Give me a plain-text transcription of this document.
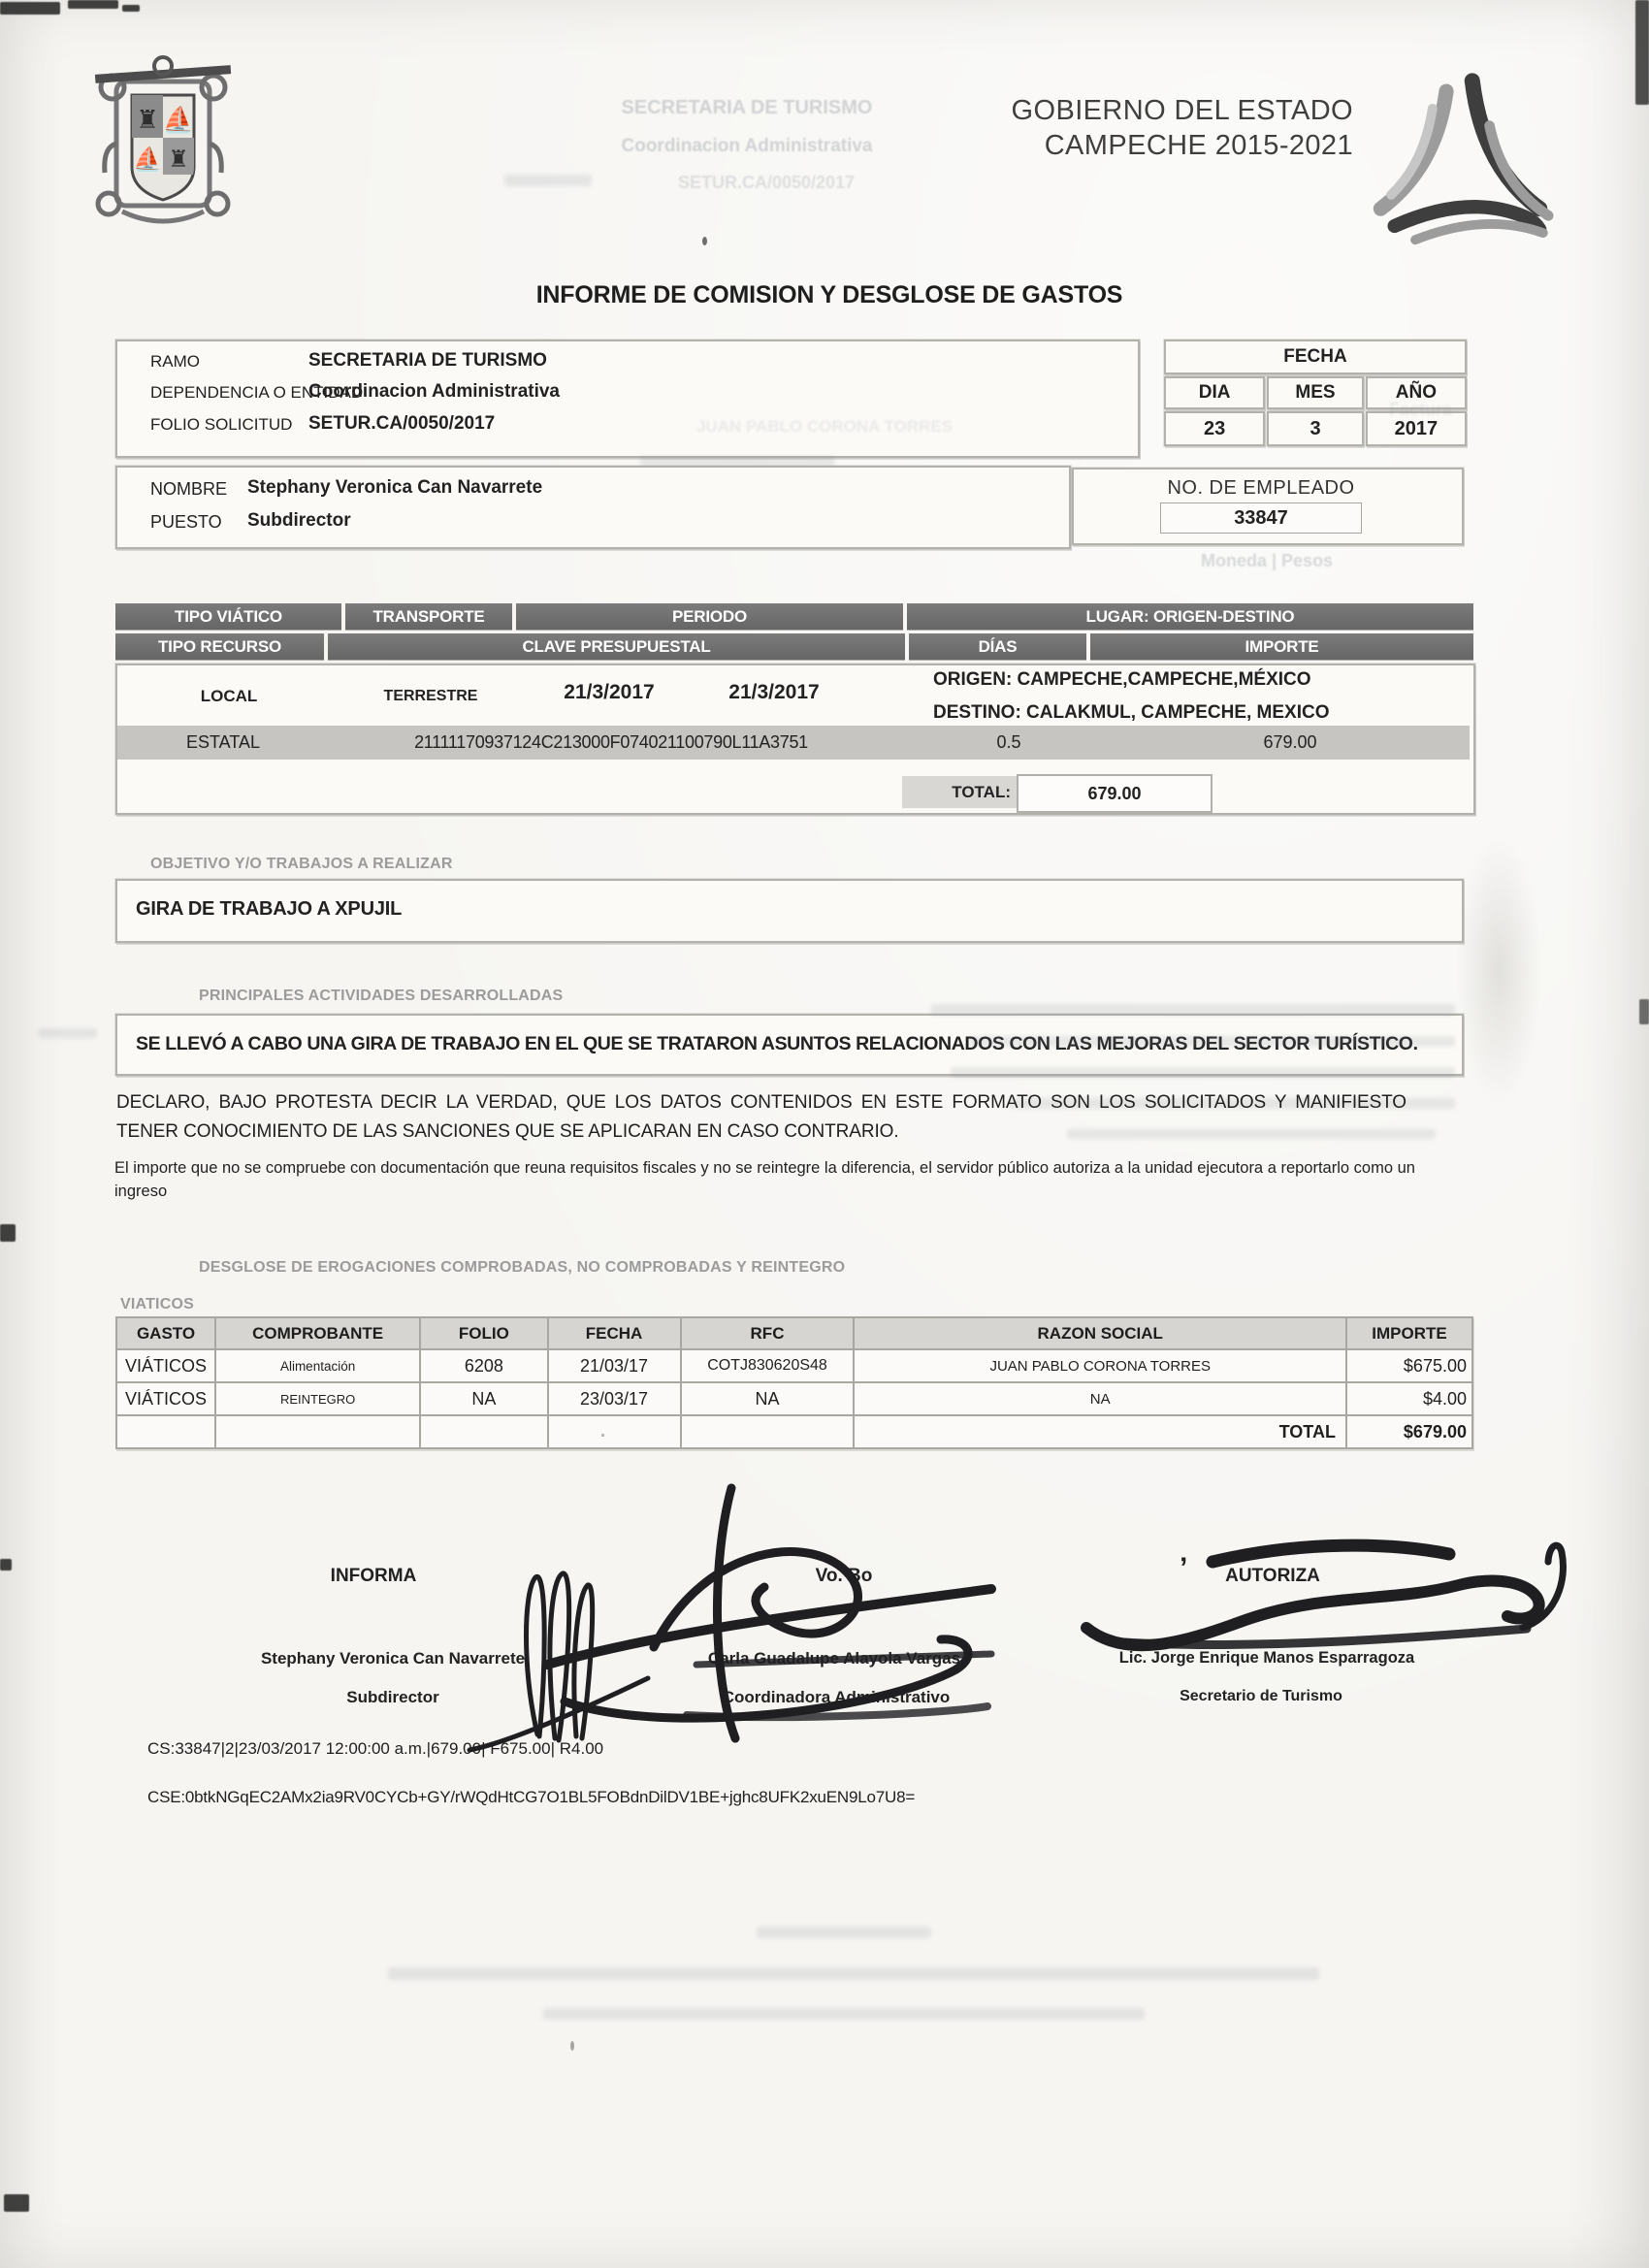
♜ ⛵
⛵ ♜
SECRETARIA DE TURISMO
Coordinacion Administrativa
SETUR.CA/0050/2017
GOBIERNO DEL ESTADO
CAMPECHE 2015-2021
INFORME DE COMISION Y DESGLOSE DE GASTOS
RAMO	SECRETARIA DE TURISMO
DEPENDENCIA O ENTIDAD
Coordinacion Administrativa
FOLIO SOLICITUD SETUR.CA/0050/2017
FECHA
DIA	MES	AÑO
23	3	2017
Factura
JUAN PABLO CORONA TORRES
NOMBRE Stephany Veronica Can Navarrete
PUESTO Subdirector
NO. DE EMPLEADO
33847
Moneda | Pesos
TIPO VIÁTICO	TRANSPORTE	PERIODO	LUGAR: ORIGEN-DESTINO
TIPO RECURSO	CLAVE PRESUPUESTAL	DÍAS	IMPORTE
LOCAL	TERRESTRE	21/3/2017	21/3/2017
ORIGEN: CAMPECHE,CAMPECHE,MÉXICO
DESTINO: CALAKMUL, CAMPECHE, MEXICO
ESTATAL	21111170937124C213000F074021100790L11A3751	0.5	679.00
TOTAL:	679.00
OBJETIVO Y/O TRABAJOS A REALIZAR
GIRA DE TRABAJO A XPUJIL
PRINCIPALES ACTIVIDADES DESARROLLADAS
SE LLEVÓ A CABO UNA GIRA DE TRABAJO EN EL QUE SE TRATARON ASUNTOS RELACIONADOS CON LAS MEJORAS DEL SECTOR TURÍSTICO.
DECLARO, BAJO PROTESTA DECIR LA VERDAD, QUE LOS DATOS CONTENIDOS EN ESTE FORMATO SON LOS SOLICITADOS Y MANIFIESTO TENER CONOCIMIENTO DE LAS SANCIONES QUE SE APLICARAN EN CASO CONTRARIO.
El importe que no se compruebe con documentación que reuna requisitos fiscales y no se reintegre la diferencia, el servidor público autoriza a la unidad ejecutora a reportarlo como un ingreso
DESGLOSE DE EROGACIONES COMPROBADAS, NO COMPROBADAS Y REINTEGRO
VIATICOS
GASTO	COMPROBANTE	FOLIO	FECHA	RFC	RAZON SOCIAL	IMPORTE
VIÁTICOS	Alimentación	6208	21/03/17	COTJ830620S48	JUAN PABLO CORONA TORRES	$675.00
VIÁTICOS	REINTEGRO	NA	23/03/17	NA	NA	$4.00
					TOTAL	$679.00
INFORMA
Stephany Veronica Can Navarrete
Subdirector
Vo. Bo
Carla Guadalupe Alayola Vargas
Coordinadora Administrativo
’	AUTORIZA
Lic. Jorge Enrique Manos Esparragoza
Secretario de Turismo
CS:33847|2|23/03/2017 12:00:00 a.m.|679.00| F675.00| R4.00
CSE:0btkNGqEC2AMx2ia9RV0CYCb+GY/rWQdHtCG7O1BL5FOBdnDilDV1BE+jghc8UFK2xuEN9Lo7U8=
